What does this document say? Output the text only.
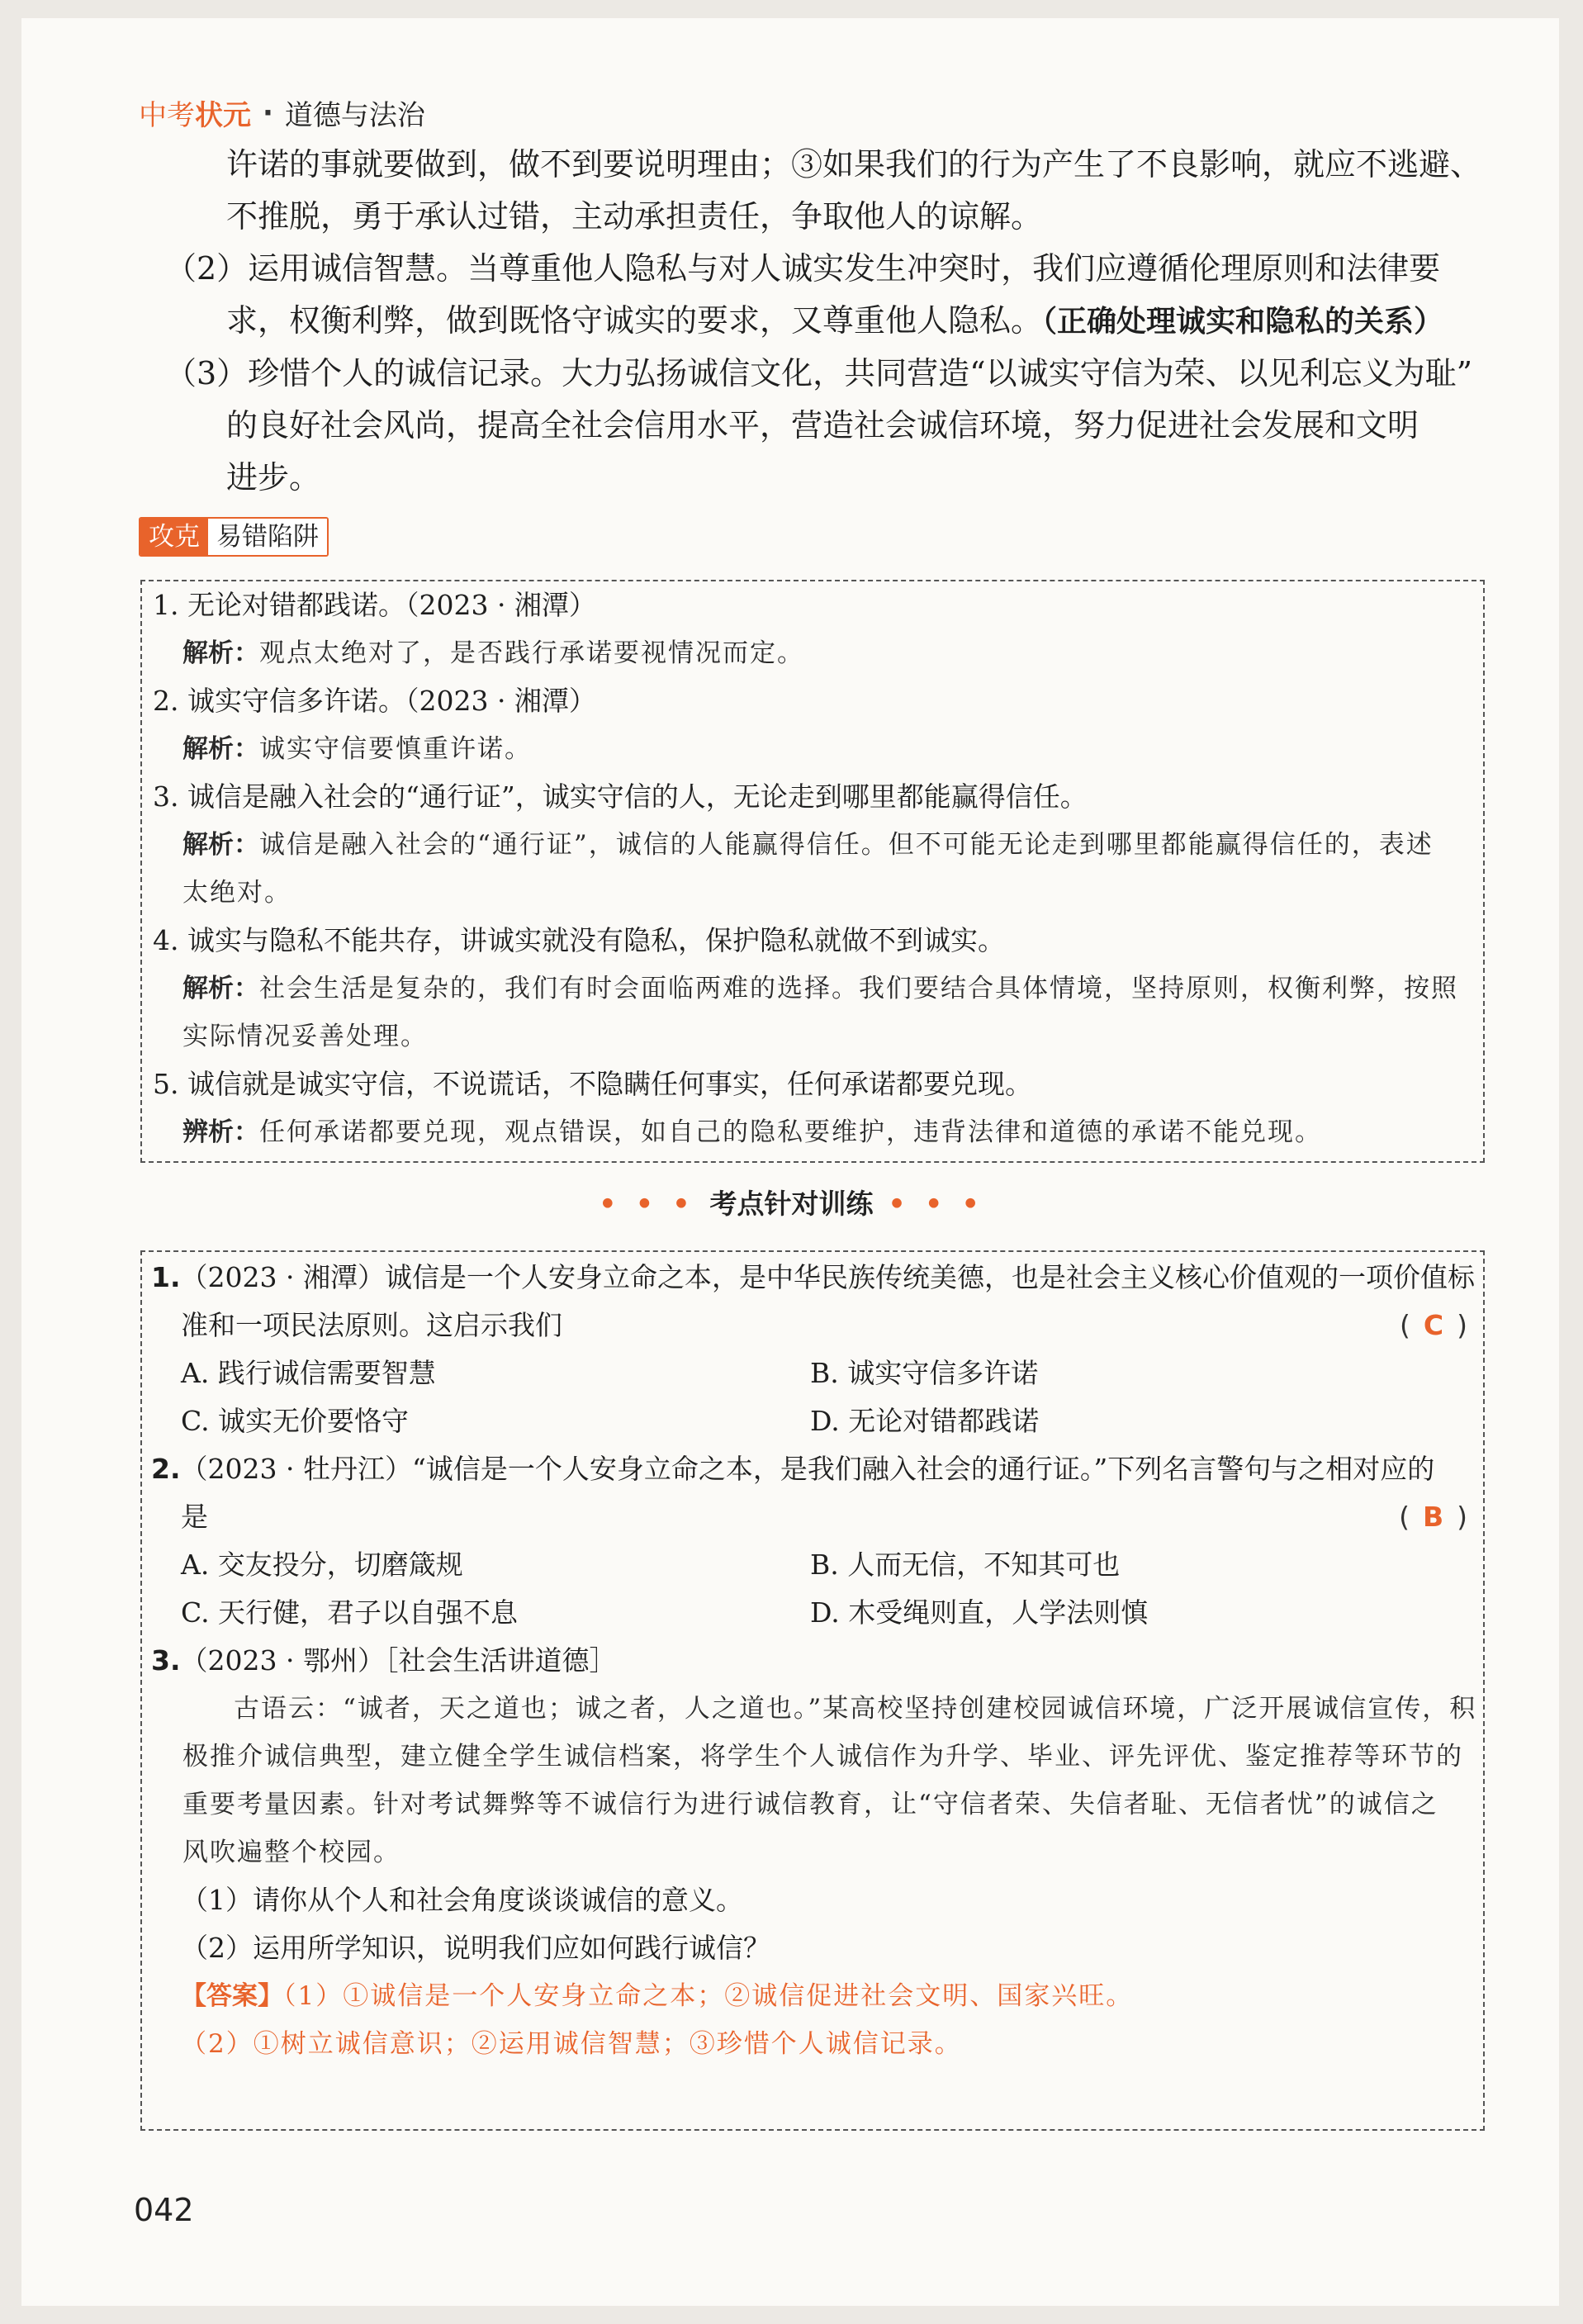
中考状元 · 道德与法治
许诺的事就要做到，做不到要说明理由；③如果我们的行为产生了不良影响，就应不逃避、
不推脱，勇于承认过错，主动承担责任，争取他人的谅解。
（2）运用诚信智慧。当尊重他人隐私与对人诚实发生冲突时，我们应遵循伦理原则和法律要
求，权衡利弊，做到既恪守诚实的要求，又尊重他人隐私。（正确处理诚实和隐私的关系）
（3）珍惜个人的诚信记录。大力弘扬诚信文化，共同营造“以诚实守信为荣、以见利忘义为耻”
的良好社会风尚，提高全社会信用水平，营造社会诚信环境，努力促进社会发展和文明
进步。
攻克 易错陷阱
1. 无论对错都践诺。（2023 · 湘潭）
解析：观点太绝对了，是否践行承诺要视情况而定。
2. 诚实守信多许诺。（2023 · 湘潭）
解析：诚实守信要慎重许诺。
3. 诚信是融入社会的“通行证”，诚实守信的人，无论走到哪里都能赢得信任。
解析：诚信是融入社会的“通行证”，诚信的人能赢得信任。但不可能无论走到哪里都能赢得信任的，表述
太绝对。
4. 诚实与隐私不能共存，讲诚实就没有隐私，保护隐私就做不到诚实。
解析：社会生活是复杂的，我们有时会面临两难的选择。我们要结合具体情境，坚持原则，权衡利弊，按照
实际情况妥善处理。
5. 诚信就是诚实守信，不说谎话，不隐瞒任何事实，任何承诺都要兑现。
辨析：任何承诺都要兑现，观点错误，如自己的隐私要维护，违背法律和道德的承诺不能兑现。
• • • 考点针对训练 • • •
1.（2023 · 湘潭）诚信是一个人安身立命之本，是中华民族传统美德，也是社会主义核心价值观的一项价值标
准和一项民法原则。这启示我们	( C )
A. 践行诚信需要智慧	B. 诚实守信多许诺
C. 诚实无价要恪守	D. 无论对错都践诺
2.（2023 · 牡丹江）“诚信是一个人安身立命之本，是我们融入社会的通行证。”下列名言警句与之相对应的
是	( B )
A. 交友投分，切磨箴规	B. 人而无信，不知其可也
C. 天行健，君子以自强不息	D. 木受绳则直，人学法则慎
3.（2023 · 鄂州）［社会生活讲道德］
古语云：“诚者，天之道也；诚之者，人之道也。”某高校坚持创建校园诚信环境，广泛开展诚信宣传，积
极推介诚信典型，建立健全学生诚信档案，将学生个人诚信作为升学、毕业、评先评优、鉴定推荐等环节的
重要考量因素。针对考试舞弊等不诚信行为进行诚信教育，让“守信者荣、失信者耻、无信者忧”的诚信之
风吹遍整个校园。
（1）请你从个人和社会角度谈谈诚信的意义。
（2）运用所学知识，说明我们应如何践行诚信？
【答案】（1）①诚信是一个人安身立命之本；②诚信促进社会文明、国家兴旺。
（2）①树立诚信意识；②运用诚信智慧；③珍惜个人诚信记录。
042
